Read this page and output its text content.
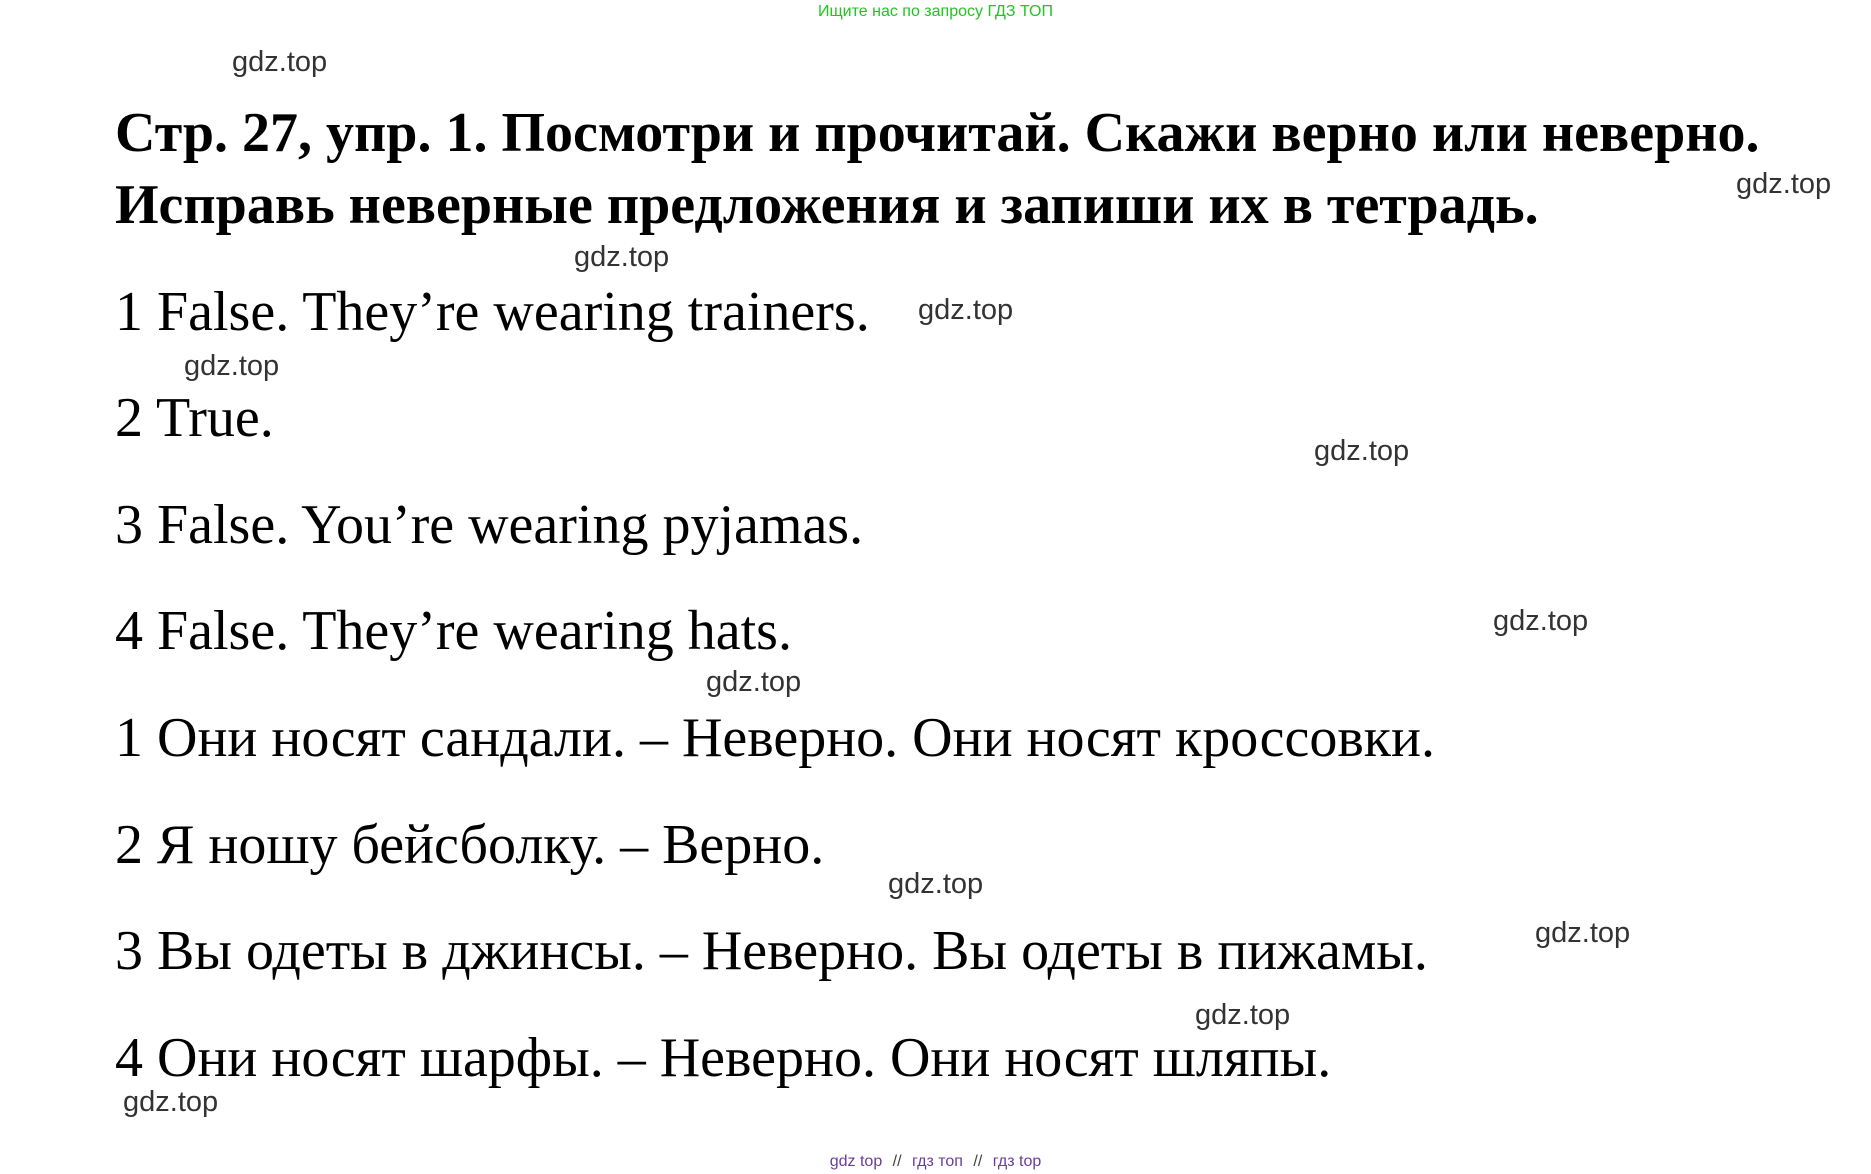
Ищите нас по запросу ГДЗ ТОП
Стр. 27, упр. 1. Посмотри и прочитай. Скажи верно или неверно.
Исправь неверные предложения и запиши их в тетрадь.
1 False. They’re wearing trainers.
2 True.
3 False. You’re wearing pyjamas.
4 False. They’re wearing hats.
1 Они носят сандали. – Неверно. Они носят кроссовки.
2 Я ношу бейсболку. – Верно.
3 Вы одеты в джинсы. – Неверно. Вы одеты в пижамы.
4 Они носят шарфы. – Неверно. Они носят шляпы.
gdz.top
gdz.top
gdz.top
gdz.top
gdz.top
gdz.top
gdz.top
gdz.top
gdz.top
gdz.top
gdz.top
gdz.top
gdz top // гдз топ // гдз top
